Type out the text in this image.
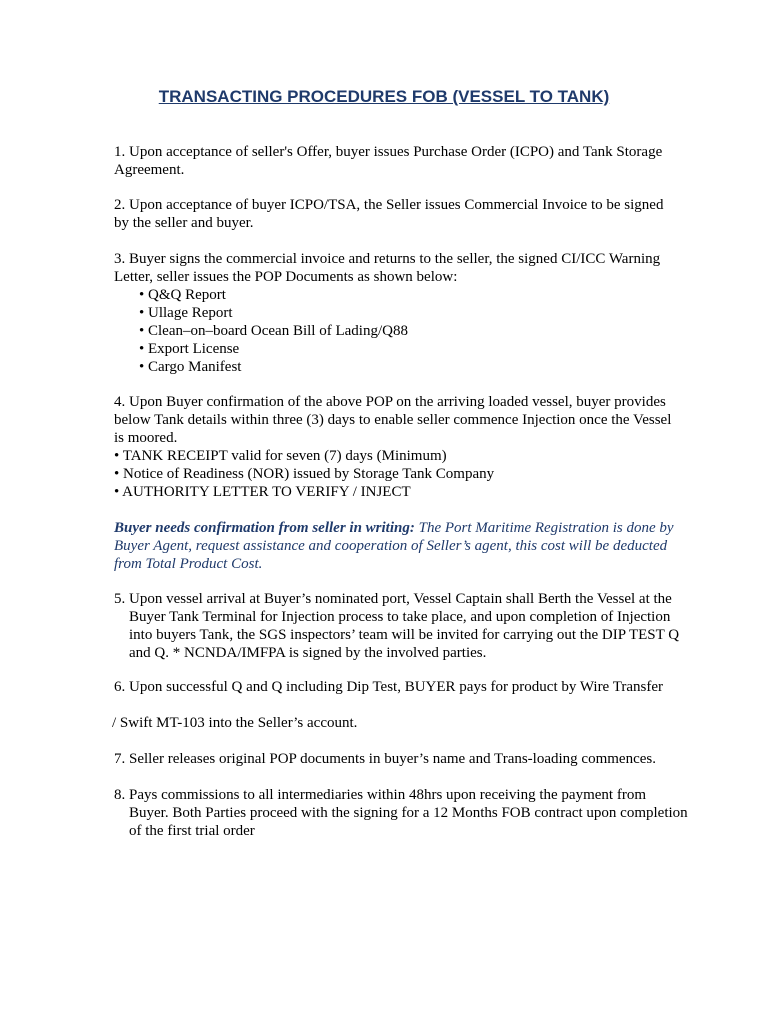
TRANSACTING PROCEDURES FOB (VESSEL TO TANK)

1. Upon acceptance of seller's Offer, buyer issues Purchase Order (ICPO) and Tank Storage Agreement.

2. Upon acceptance of buyer ICPO/TSA, the Seller issues Commercial Invoice to be signed by the seller and buyer.

3. Buyer signs the commercial invoice and returns to the seller, the signed CI/ICC Warning Letter, seller issues the POP Documents as shown below:

• Q&Q Report
• Ullage Report
• Clean–on–board Ocean Bill of Lading/Q88
• Export License
• Cargo Manifest

4. Upon Buyer confirmation of the above POP on the arriving loaded vessel, buyer provides below Tank details within three (3) days to enable seller commence Injection once the Vessel is moored.

• TANK RECEIPT valid for seven (7) days (Minimum)
• Notice of Readiness (NOR) issued by Storage Tank Company
• AUTHORITY LETTER TO VERIFY / INJECT

Buyer needs confirmation from seller in writing: The Port Maritime Registration is done by Buyer Agent, request assistance and cooperation of Seller’s agent, this cost will be deducted from Total Product Cost.

5. Upon vessel arrival at Buyer’s nominated port, Vessel Captain shall Berth the Vessel at the Buyer Tank Terminal for Injection process to take place, and upon completion of Injection into buyers Tank, the SGS inspectors’ team will be invited for carrying out the DIP TEST Q and Q. * NCNDA/IMFPA is signed by the involved parties.

6. Upon successful Q and Q including Dip Test, BUYER pays for product by Wire Transfer

/ Swift MT-103 into the Seller’s account.

7. Seller releases original POP documents in buyer’s name and Trans-loading commences.

8. Pays commissions to all intermediaries within 48hrs upon receiving the payment from Buyer. Both Parties proceed with the signing for a 12 Months FOB contract upon completion of the first trial order
